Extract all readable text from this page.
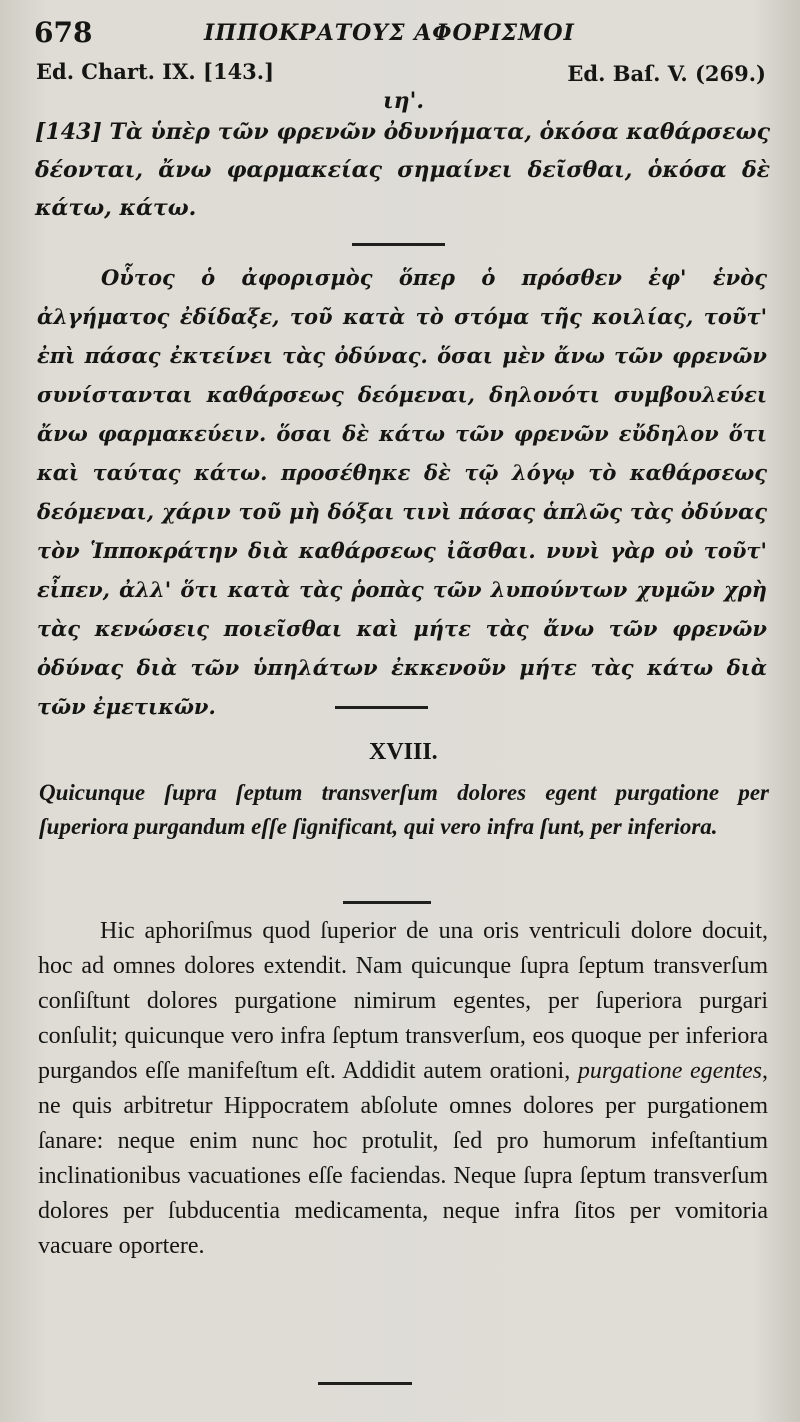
678	ΙΠΠΟΚΡΑΤΟΥΣ ΑΦΟΡΙΣΜΟΙ
Ed. Chart. IX. [143.]	Ed. Baſ. V. (269.)
ιη'.
[143] Τὰ ὑπὲρ τῶν φρενῶν ὀδυνήματα, ὁκόσα καθάρσεως δέονται, ἄνω φαρμακείας σημαίνει δεῖσθαι, ὁκόσα δὲ κάτω, κάτω.
Οὗτος ὁ ἀφορισμὸς ὅπερ ὁ πρόσθεν ἐφ' ἑνὸς ἀλγήματος ἐδίδαξε, τοῦ κατὰ τὸ στόμα τῆς κοιλίας, τοῦτ' ἐπὶ πάσας ἐκτείνει τὰς ὀδύνας. ὅσαι μὲν ἄνω τῶν φρενῶν συνίστανται καθάρσεως δεόμεναι, δηλονότι συμβουλεύει ἄνω φαρμακεύειν. ὅσαι δὲ κάτω τῶν φρενῶν εὔδηλον ὅτι καὶ ταύτας κάτω. προσέθηκε δὲ τῷ λόγῳ τὸ καθάρσεως δεόμεναι, χάριν τοῦ μὴ δόξαι τινὶ πάσας ἁπλῶς τὰς ὀδύνας τὸν Ἱπποκράτην διὰ καθάρσεως ἰᾶσθαι. νυνὶ γὰρ οὐ τοῦτ' εἶπεν, ἀλλ' ὅτι κατὰ τὰς ῥοπὰς τῶν λυπούντων χυμῶν χρὴ τὰς κενώσεις ποιεῖσθαι καὶ μήτε τὰς ἄνω τῶν φρενῶν ὀδύνας διὰ τῶν ὑπηλάτων ἐκκενοῦν μήτε τὰς κάτω διὰ τῶν ἐμετικῶν.
XVIII.
Quicunque ſupra ſeptum transverſum dolores egent purgatione per ſuperiora purgandum eſſe ſignificant, qui vero infra ſunt, per inferiora.
Hic aphoriſmus quod ſuperior de una oris ventriculi dolore docuit, hoc ad omnes dolores extendit. Nam quicunque ſupra ſeptum transverſum conſiſtunt dolores purgatione nimirum egentes, per ſuperiora purgari conſulit; quicunque vero infra ſeptum transverſum, eos quoque per inferiora purgandos eſſe manifeſtum eſt. Addidit autem orationi, purgatione egentes, ne quis arbitretur Hippocratem abſolute omnes dolores per purgationem ſanare: neque enim nunc hoc protulit, ſed pro humorum infeſtantium inclinationibus vacuationes eſſe faciendas. Neque ſupra ſeptum transverſum dolores per ſubducentia medicamenta, neque infra ſitos per vomitoria vacuare oportere.
